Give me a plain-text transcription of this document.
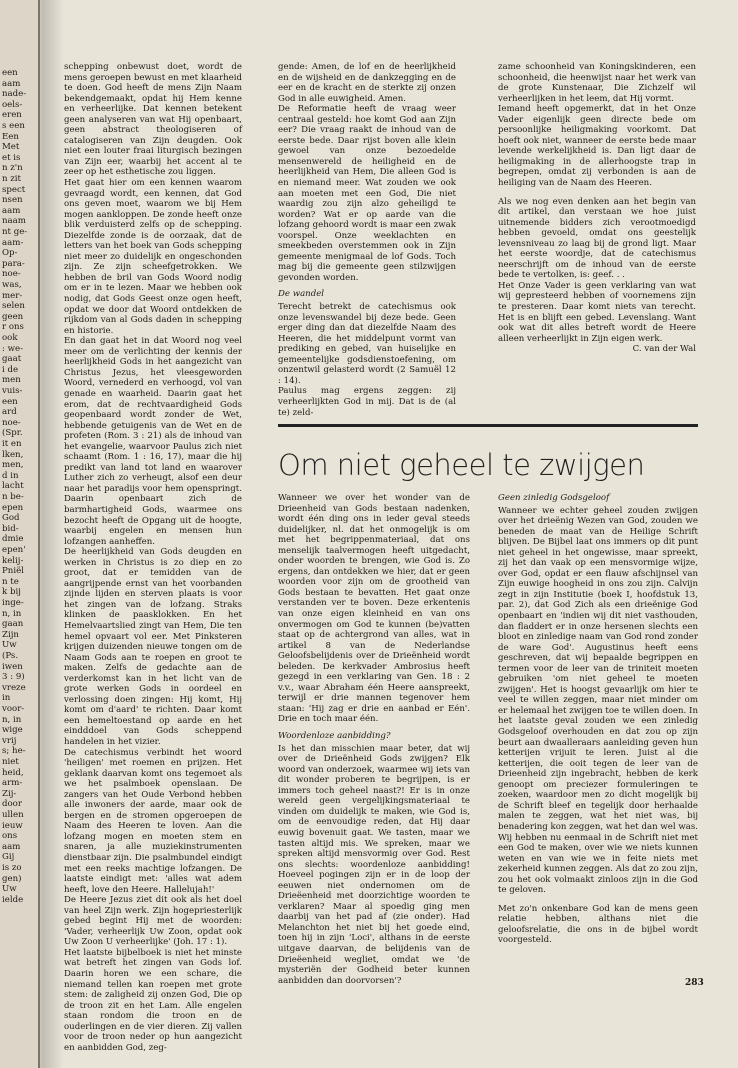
een
aam
nade-
oels-
eren
s een
Een
Met
et is
n z'n
n zit
spect
nsen
aam
naam
nt ge-
aam-
Op-
para-
noe-
was,
mer-
selen
geen
r ons
ook
: we-
gaat
i de
men
vuis-
een
ard
noe-
(Spr.
it en
lken,
men,
d in
lacht
n be-
epen
God
bid-
dmie
epen'
kelij-
Pniël
n te
k bij
inge-
n, in
gaan
Zijn
Uw
(Ps.
iwen
3 : 9)
vreze
in
voor-
n, in
wige
vrij
s; he-
niet
heid,
arm-
Zij-
door
ullen
ieuw
ons
aam
Gij
is zo
gen)
Uw
ielde

schepping onbewust doet, wordt de mens geroepen bewust en met klaarheid te doen. God heeft de mens Zijn Naam bekendgemaakt, opdat hij Hem kenne en verheerlijke. Dat kennen betekent geen analyseren van wat Hij openbaart, geen abstract theologiseren of catalogiseren van Zijn deugden. Ook niet een louter fraai liturgisch bezingen van Zijn eer, waarbij het accent al te zeer op het esthetische zou liggen.

Het gaat hier om een kennen waarom gevraagd wordt, een kennen, dat God ons geven moet, waarom we bij Hem mogen aankloppen. De zonde heeft onze blik verduisterd zelfs op de schepping. Diezelfde zonde is de oorzaak, dat de letters van het boek van Gods schepping niet meer zo duidelijk en ongeschonden zijn. Ze zijn scheefgetrokken. We hebben de bril van Gods Woord nodig om er in te lezen. Maar we hebben ook nodig, dat Gods Geest onze ogen heeft, opdat we door dat Woord ontdekken de rijkdom van al Gods daden in schepping en historie.

En dan gaat het in dat Woord nog veel meer om de verlichting der kennis der heerlijkheid Gods in het aangezicht van Christus Jezus, het vleesgeworden Woord, vernederd en verhoogd, vol van genade en waarheid. Daarin gaat het erom, dat de rechtvaardigheid Gods geopenbaard wordt zonder de Wet, hebbende getuigenis van de Wet en de profeten (Rom. 3 : 21) als de inhoud van het evangelie, waarvoor Paulus zich niet schaamt (Rom. 1 : 16, 17), maar die hij predikt van land tot land en waarover Luther zich zo verheugt, alsof een deur naar het paradijs voor hem openspringt. Daarin openbaart zich de barmhartigheid Gods, waarmee ons bezocht heeft de Opgang uit de hoogte, waarbij engelen en mensen hun lofzangen aanheffen.

De heerlijkheid van Gods deugden en werken in Christus is zo diep en zo groot, dat er temidden van de aangrijpende ernst van het voorbanden zijnde lijden en sterven plaats is voor het zingen van de lofzang. Straks klinken de paasklokken. En het Hemelvaartslied zingt van Hem, Die ten hemel opvaart vol eer. Met Pinksteren krijgen duizenden nieuwe tongen om de Naam Gods aan te roepen en groot te maken. Zelfs de gedachte aan de verderkomst kan in het licht van de grote werken Gods in oordeel en verlossing doen zingen: Hij komt, Hij komt om d'aard' te richten. Daar komt een hemeltoestand op aarde en het eindddoel van Gods scheppend handelen in het vizier.

De catechismus verbindt het woord 'heiligen' met roemen en prijzen. Het geklank daarvan komt ons tegemoet als we het psalmboek openslaan. De zangers van het Oude Verbond hebben alle inwoners der aarde, maar ook de bergen en de stromen opgeroepen de Naam des Heeren te loven. Aan die lofzang mogen en moeten stem en snaren, ja alle muziekinstrumenten dienstbaar zijn. Die psalmbundel eindigt met een reeks machtige lofzangen. De laatste eindigt met: 'alles wat adem heeft, love den Heere. Hallelujah!'

De Heere Jezus ziet dit ook als het doel van heel Zijn werk. Zijn hogepriesterlijk gebed begint Hij met de woorden: 'Vader, verheerlijk Uw Zoon, opdat ook Uw Zoon U verheerlijke' (Joh. 17 : 1).

Het laatste bijbelboek is niet het minste wat betreft het zingen van Gods lof. Daarin horen we een schare, die niemand tellen kan roepen met grote stem: de zaligheid zij onzen God, Die op de troon zit en het Lam. Alle engelen staan rondom die troon en de ouderlingen en de vier dieren. Zij vallen voor de troon neder op hun aangezicht en aanbidden God, zeg-

gende: Amen, de lof en de heerlijkheid en de wijsheid en de dankzegging en de eer en de kracht en de sterkte zij onzen God in alle euwigheid. Amen.

De Reformatie heeft de vraag weer centraal gesteld: hoe komt God aan Zijn eer? Die vraag raakt de inhoud van de eerste bede. Daar rijst boven alle klein gewoel van onze bezoedelde mensenwereld de heiligheid en de heerlijkheid van Hem, Die alleen God is en niemand meer. Wat zouden we ook aan moeten met een God, Die niet waardig zou zijn alzo geheiligd te worden? Wat er op aarde van die lofzang gehoord wordt is maar een zwak voorspel. Onze weeklachten en smeekbeden overstemmen ook in Zijn gemeente menigmaal de lof Gods. Toch mag bij die gemeente geen stilzwijgen gevonden worden.

De wandel

Terecht betrekt de catechismus ook onze levenswandel bij deze bede. Geen erger ding dan dat diezelfde Naam des Heeren, die het middelpunt vormt van prediking en gebed, van huiselijke en gemeentelijke godsdienstoefening, om onzentwil gelasterd wordt (2 Samuël 12 : 14).

Paulus mag ergens zeggen: zij verheerlijkten God in mij. Dat is de (al te) zeld-

zame schoonheid van Koningskinderen, een schoonheid, die heenwijst naar het werk van de grote Kunstenaar, Die Zichzelf wil verheerlijken in het leem, dat Hij vormt.

Iemand heeft opgemerkt, dat in het Onze Vader eigenlijk geen directe bede om persoonlijke heiligmaking voorkomt. Dat hoeft ook niet, wanneer de eerste bede maar levende werkelijkheid is. Dan ligt daar de heiligmaking in de allerhoogste trap in begrepen, omdat zij verbonden is aan de heiliging van de Naam des Heeren.

Als we nog even denken aan het begin van dit artikel, dan verstaan we hoe juist uitnemende bidders zich verootmoedigd hebben gevoeld, omdat ons geestelijk levensniveau zo laag bij de grond ligt. Maar het eerste woordje, dat de catechismus neerschrijft om de inhoud van de eerste bede te vertolken, is: geef. . .

Het Onze Vader is geen verklaring van wat wij gepresteerd hebben of voornemens zijn te presteren. Daar komt niets van terecht. Het is en blijft een gebed. Levenslang. Want ook wat dit alles betreft wordt de Heere alleen verheerlijkt in Zijn eigen werk.

C. van der Wal

Om niet geheel te zwijgen

Wanneer we over het wonder van de Drieenheid van Gods bestaan nadenken, wordt één ding ons in ieder geval steeds duidelijker, nl. dat het onmogelijk is om met het begrippenmateriaal, dat ons menselijk taalvermogen heeft uitgedacht, onder woorden te brengen, wie God is. Zo ergens, dan ontdekken we hier, dat er geen woorden voor zijn om de grootheid van Gods bestaan te bevatten. Het gaat onze verstanden ver te boven. Deze erkentenis van onze eigen kleinheid en van ons onvermogen om God te kunnen (be)vatten staat op de achtergrond van alles, wat in artikel 8 van de Nederlandse Geloofsbelijdenis over de Drieënheid wordt beleden. De kerkvader Ambrosius heeft gezegd in een verklaring van Gen. 18 : 2 v.v., waar Abraham één Heere aanspreekt, terwijl er drie mannen tegenover hem staan: 'Hij zag er drie en aanbad er Eén'. Drie en toch maar één.

Woordenloze aanbidding?

Is het dan misschien maar beter, dat wij over de Drieënheid Gods zwijgen? Elk woord van onderzoek, waarmee wij iets van dit wonder proberen te begrijpen, is er immers toch geheel naast?! Er is in onze wereld geen vergelijkingsmateriaal te vinden om duidelijk te maken, wie God is, om de eenvoudige reden, dat Hij daar euwig bovenuit gaat. We tasten, maar we tasten altijd mis. We spreken, maar we spreken altijd mensvormig over God. Rest ons slechts: woordenloze aanbidding! Hoeveel pogingen zijn er in de loop der eeuwen niet ondernomen om de Drieëenheid met doorzichtige woorden te verklaren? Maar al spoedig ging men daarbij van het pad af (zie onder). Had Melanchton het niet bij het goede eind, toen hij in zijn 'Loci', althans in de eerste uitgave daarvan, de belijdenis van de Drieëenheid wegliet, omdat we 'de mysteriën der Godheid beter kunnen aanbidden dan doorvorsen'?

Geen zinledig Godsgeloof

Wanneer we echter geheel zouden zwijgen over het drieënig Wezen van God, zouden we beneden de maat van de Heilige Schrift blijven. De Bijbel laat ons immers op dit punt niet geheel in het ongewisse, maar spreekt, zij het dan vaak op een mensvormige wijze, over God, opdat er een flauw afschijnsel van Zijn euwige hoogheid in ons zou zijn. Calvijn zegt in zijn Institutie (boek I, hoofdstuk 13, par. 2), dat God Zich als een drieënige God openbaart en 'indien wij dit niet vasthouden, dan fladdert er in onze hersenen slechts een bloot en zinledige naam van God rond zonder de ware God'. Augustinus heeft eens geschreven, dat wij bepaalde begrippen en termen voor de leer van de triniteit moeten gebruiken 'om niet geheel te moeten zwijgen'. Het is hoogst gevaarlijk om hier te veel te willen zeggen, maar niet minder om er helemaal het zwijgen toe te willen doen. In het laatste geval zouden we een zinledig Godsgeloof overhouden en dat zou op zijn beurt aan dwaalleraars aanleiding geven hun ketterijen vrijuit te leren. Juist al die ketterijen, die ooit tegen de leer van de Drieenheid zijn ingebracht, hebben de kerk genoopt om preciezer formuleringen te zoeken, waardoor men zo dicht mogelijk bij de Schrift bleef en tegelijk door herhaalde malen te zeggen, wat het niet was, bij benadering kon zeggen, wat het dan wel was. Wij hebben nu eenmaal in de Schrift niet met een God te maken, over wie we niets kunnen weten en van wie we in feite niets met zekerheid kunnen zeggen. Als dat zo zou zijn, zou het ook volmaakt zinloos zijn in die God te geloven.

Met zo'n onkenbare God kan de mens geen relatie hebben, althans niet die geloofsrelatie, die ons in de bijbel wordt voorgesteld.

283
